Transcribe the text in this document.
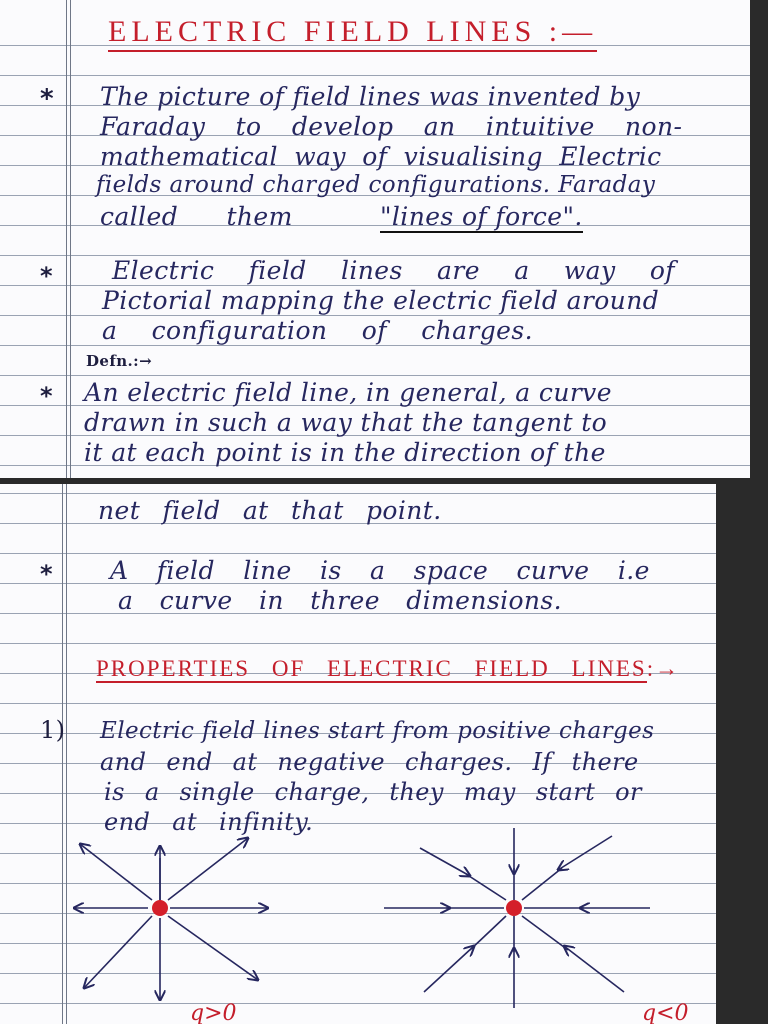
ELECTRIC FIELD LINES :—
* The picture of field lines was invented by
Faraday to develop an intuitive non-
mathematical way of visualising Electric
fields around charged configurations. Faraday
called them	"lines of force".
* Electric field lines are a way of
Pictorial mapping the electric field around
a configuration of charges.
Defn.:→
* An electric field line, in general, a curve
drawn in such a way that the tangent to
it at each point is in the direction of the
net field at that point.
* A field line is a space curve i.e
a curve in three dimensions.
PROPERTIES OF ELECTRIC FIELD LINES:→
1) Electric field lines start from positive charges
and end at negative charges. If there
is a single charge, they may start or
end at infinity.
q>0	q<0
